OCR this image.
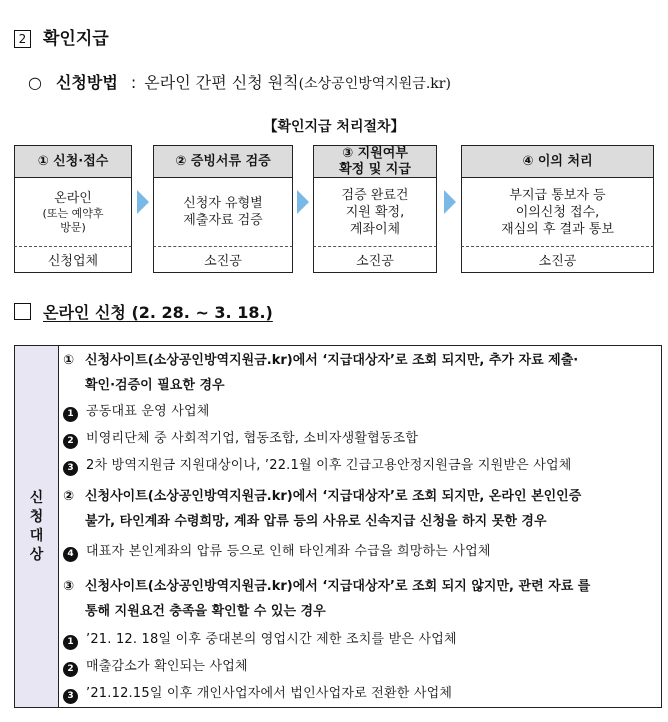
2 확인지급
○ 신청방법 : 온라인 간편 신청 원칙(소상공인방역지원금.kr)
【확인지급 처리절차】
① 신청·접수
온라인
(또는 예약후
방문)
신청업체
② 증빙서류 검증
신청자 유형별
제출자료 검증
소진공
③ 지원여부
확정 및 지급
검증 완료건
지원 확정,
계좌이체
소진공
④ 이의 처리
부지급 통보자 등
이의신청 접수,
재심의 후 결과 통보
소진공
온라인 신청 (2. 28. ~ 3. 18.)
신
청
대
상
① 신청사이트(소상공인방역지원금.kr)에서 ‘지급대상자’로 조회 되지만, 추가 자료 제출·
확인·검증이 필요한 경우
1 공동대표 운영 사업체
2 비영리단체 중 사회적기업, 협동조합, 소비자생활협동조합
3 2차 방역지원금 지원대상이나, ’22.1월 이후 긴급고용안정지원금을 지원받은 사업체
② 신청사이트(소상공인방역지원금.kr)에서 ‘지급대상자’로 조회 되지만, 온라인 본인인증
불가, 타인계좌 수령희망, 계좌 압류 등의 사유로 신속지급 신청을 하지 못한 경우
4 대표자 본인계좌의 압류 등으로 인해 타인계좌 수급을 희망하는 사업체
③ 신청사이트(소상공인방역지원금.kr)에서 ‘지급대상자’로 조회 되지 않지만, 관련 자료 를
통해 지원요건 충족을 확인할 수 있는 경우
1 ’21. 12. 18일 이후 중대본의 영업시간 제한 조치를 받은 사업체
2 매출감소가 확인되는 사업체
3 ’21.12.15일 이후 개인사업자에서 법인사업자로 전환한 사업체
